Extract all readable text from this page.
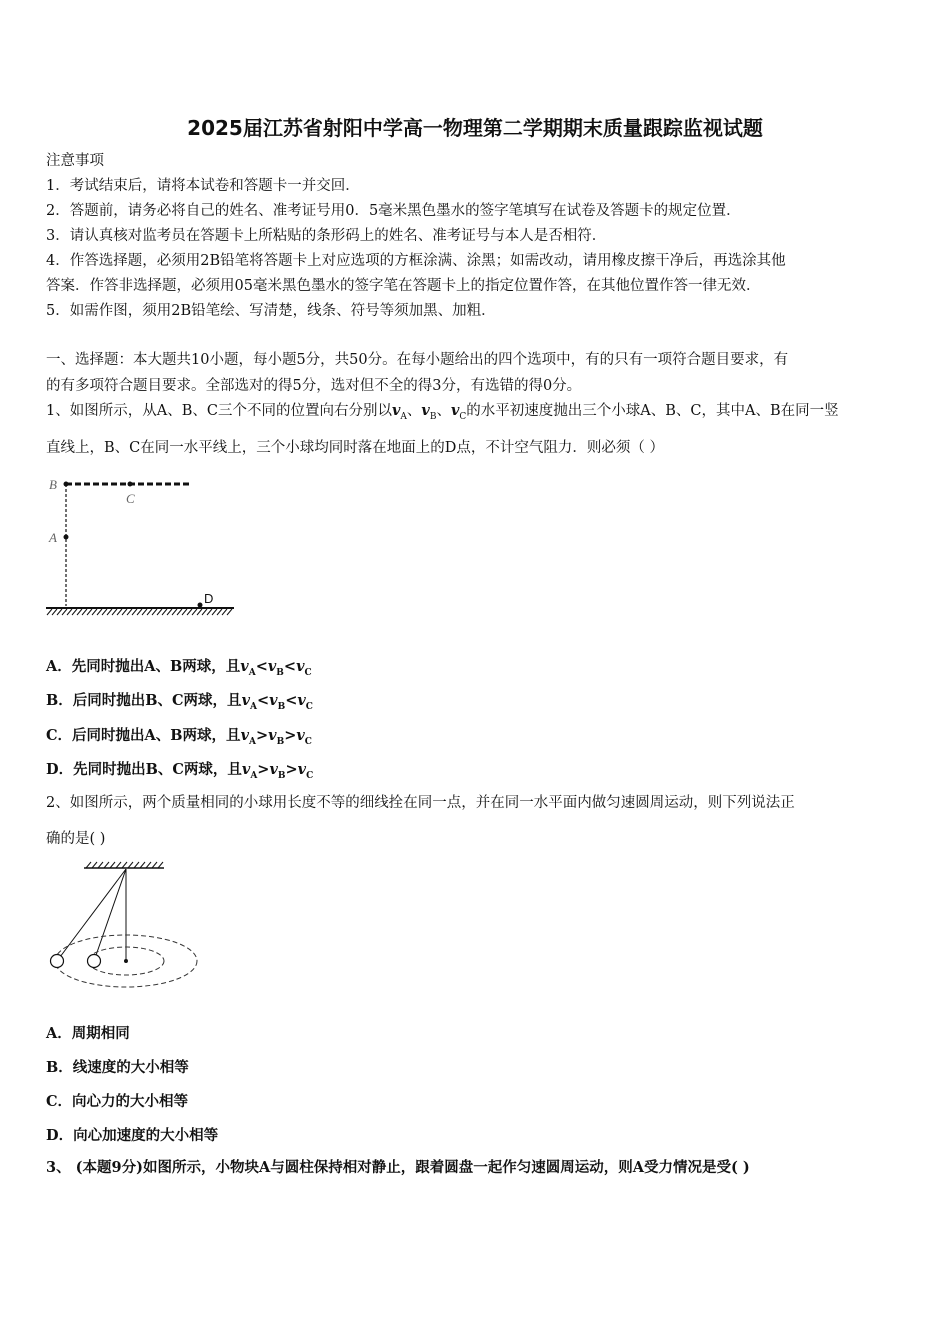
2025届江苏省射阳中学高一物理第二学期期末质量跟踪监视试题
注意事项
1．考试结束后，请将本试卷和答题卡一并交回．
2．答题前，请务必将自己的姓名、准考证号用0．5毫米黑色墨水的签字笔填写在试卷及答题卡的规定位置．
3．请认真核对监考员在答题卡上所粘贴的条形码上的姓名、准考证号与本人是否相符．
4．作答选择题，必须用2B铅笔将答题卡上对应选项的方框涂满、涂黑；如需改动，请用橡皮擦干净后，再选涂其他
答案．作答非选择题，必须用05毫米黑色墨水的签字笔在答题卡上的指定位置作答，在其他位置作答一律无效．
5．如需作图，须用2B铅笔绘、写清楚，线条、符号等须加黑、加粗．
一、选择题：本大题共10小题，每小题5分，共50分。在每小题给出的四个选项中，有的只有一项符合题目要求，有
的有多项符合题目要求。全部选对的得5分，选对但不全的得3分，有选错的得0分。
1、如图所示，从A、B、C三个不同的位置向右分别以$v_A$、$v_B$、$v_C$的水平初速度抛出三个小球A、B、C，其中A、B在同一竖
直线上，B、C在同一水平线上，三个小球均同时落在地面上的D点，不计空气阻力．则必须（ ）
B
C
A
D
A．先同时抛出A、B两球，且$v_A<v_B<v_C$
B．后同时抛出B、C两球，且$v_A<v_B<v_C$
C．后同时抛出A、B两球，且$v_A>v_B>v_C$
D．先同时抛出B、C两球，且$v_A>v_B>v_C$
2、如图所示，两个质量相同的小球用长度不等的细线拴在同一点，并在同一水平面内做匀速圆周运动，则下列说法正
确的是( )
A．周期相同
B．线速度的大小相等
C．向心力的大小相等
D．向心加速度的大小相等
3、 (本题9分)如图所示，小物块A与圆柱保持相对静止，跟着圆盘一起作匀速圆周运动，则A受力情况是受( )
